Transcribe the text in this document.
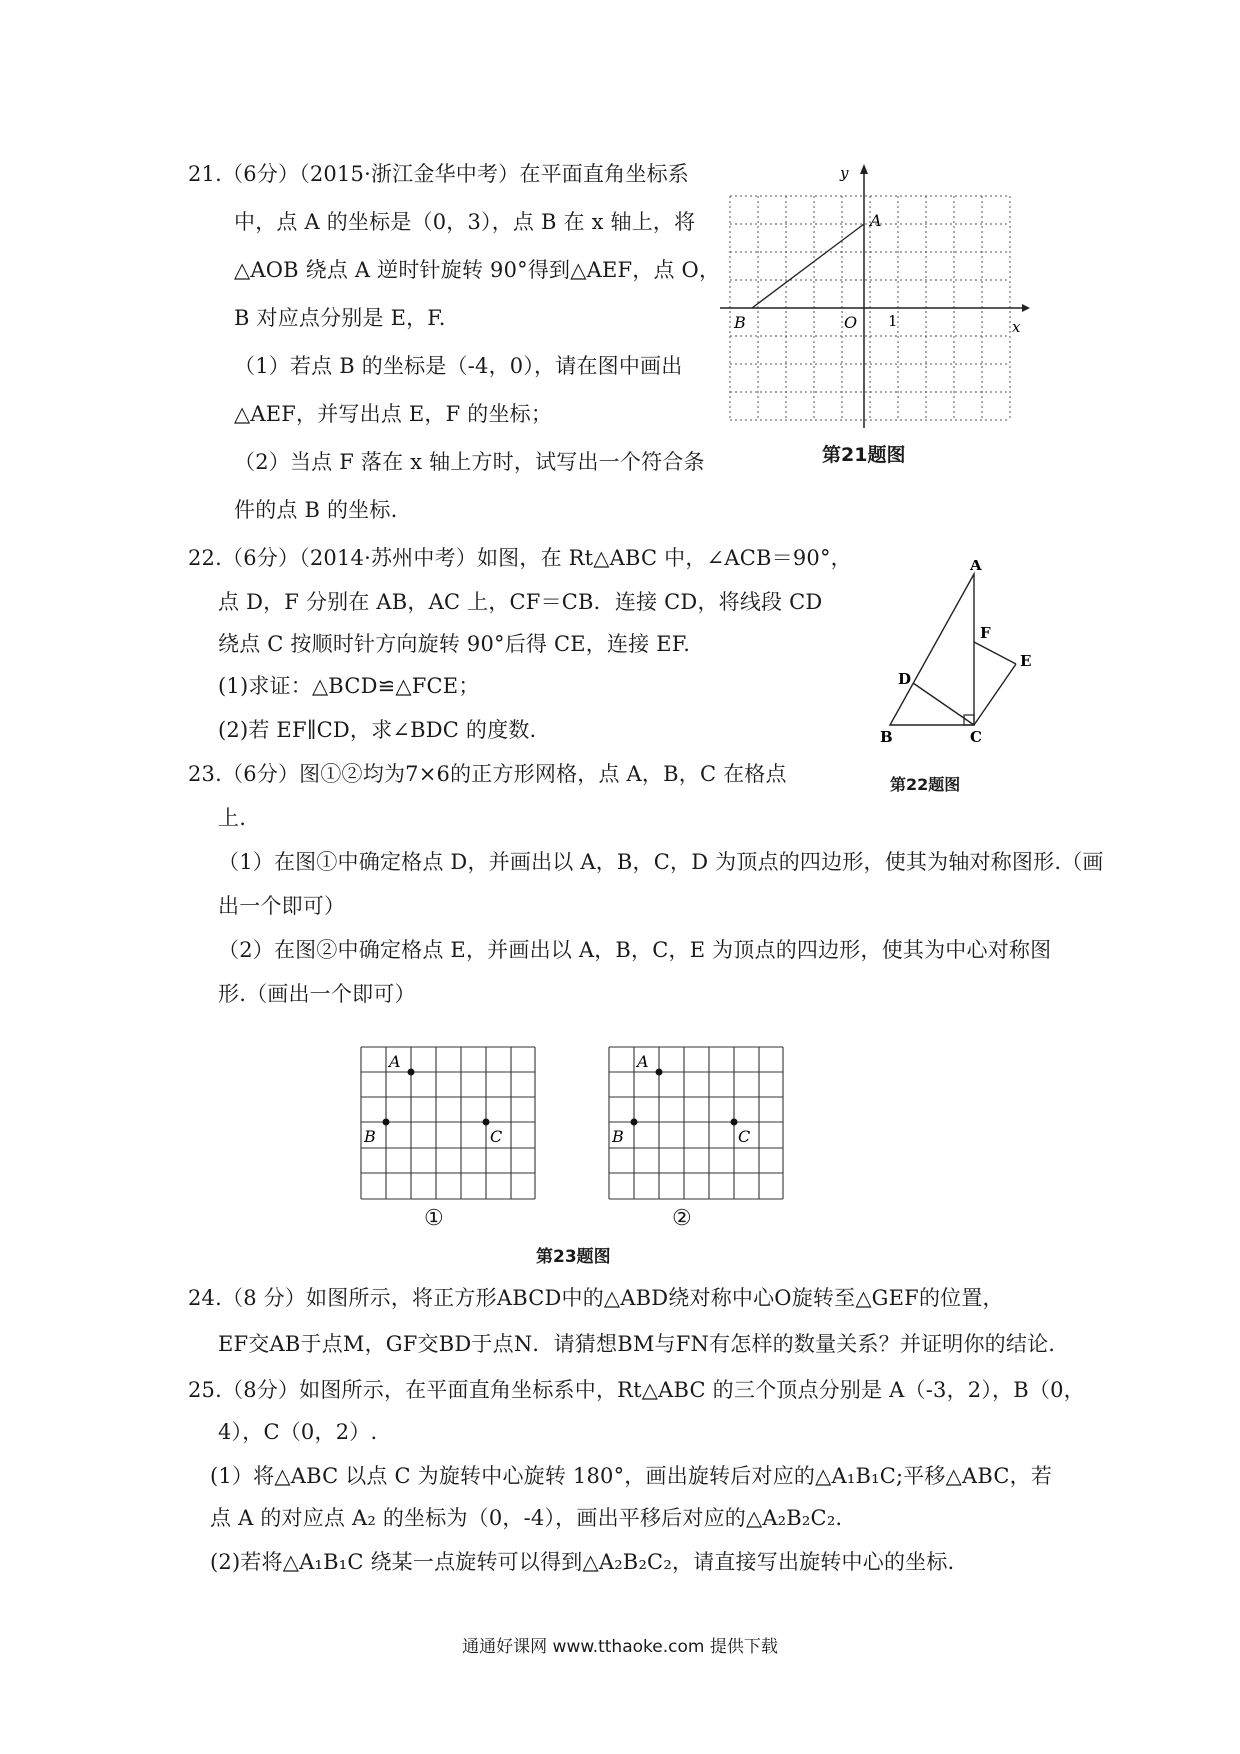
21.（6分）（2015·浙江金华中考）在平面直角坐标系
中，点 A 的坐标是（0，3），点 B 在 x 轴上，将
△AOB 绕点 A 逆时针旋转 90°得到△AEF，点 O，
B 对应点分别是 E，F.
（1）若点 B 的坐标是（-4，0），请在图中画出
△AEF，并写出点 E，F 的坐标；
（2）当点 F 落在 x 轴上方时，试写出一个符合条
件的点 B 的坐标.
y
x
A
B	O 1
第21题图
22.（6分）（2014·苏州中考）如图，在 Rt△ABC 中，∠ACB＝90°，
点 D，F 分别在 AB，AC 上，CF＝CB．连接 CD，将线段 CD
绕点 C 按顺时针方向旋转 90°后得 CE，连接 EF.
(1)求证：△BCD≌△FCE；
(2)若 EF∥CD，求∠BDC 的度数.
A
F
E
D
B	C
第22题图
23.（6分）图①②均为7×6的正方形网格，点 A，B，C 在格点
上.
（1）在图①中确定格点 D，并画出以 A，B，C，D 为顶点的四边形，使其为轴对称图形.（画
出一个即可）
（2）在图②中确定格点 E，并画出以 A，B，C，E 为顶点的四边形，使其为中心对称图
形.（画出一个即可）
A
B	C
①
A
B	C
②
第23题图
24.（8 分）如图所示，将正方形ABCD中的△ABD绕对称中心O旋转至△GEF的位置，
EF交AB于点M，GF交BD于点N．请猜想BM与FN有怎样的数量关系？并证明你的结论.
25.（8分）如图所示，在平面直角坐标系中，Rt△ABC 的三个顶点分别是 A（-3，2），B（0，
4），C（0，2）.
(1）将△ABC 以点 C 为旋转中心旋转 180°，画出旋转后对应的△A₁B₁C;平移△ABC，若
点 A 的对应点 A₂ 的坐标为（0，-4），画出平移后对应的△A₂B₂C₂.
(2)若将△A₁B₁C 绕某一点旋转可以得到△A₂B₂C₂，请直接写出旋转中心的坐标.
通通好课网 www.tthaoke.com 提供下载
